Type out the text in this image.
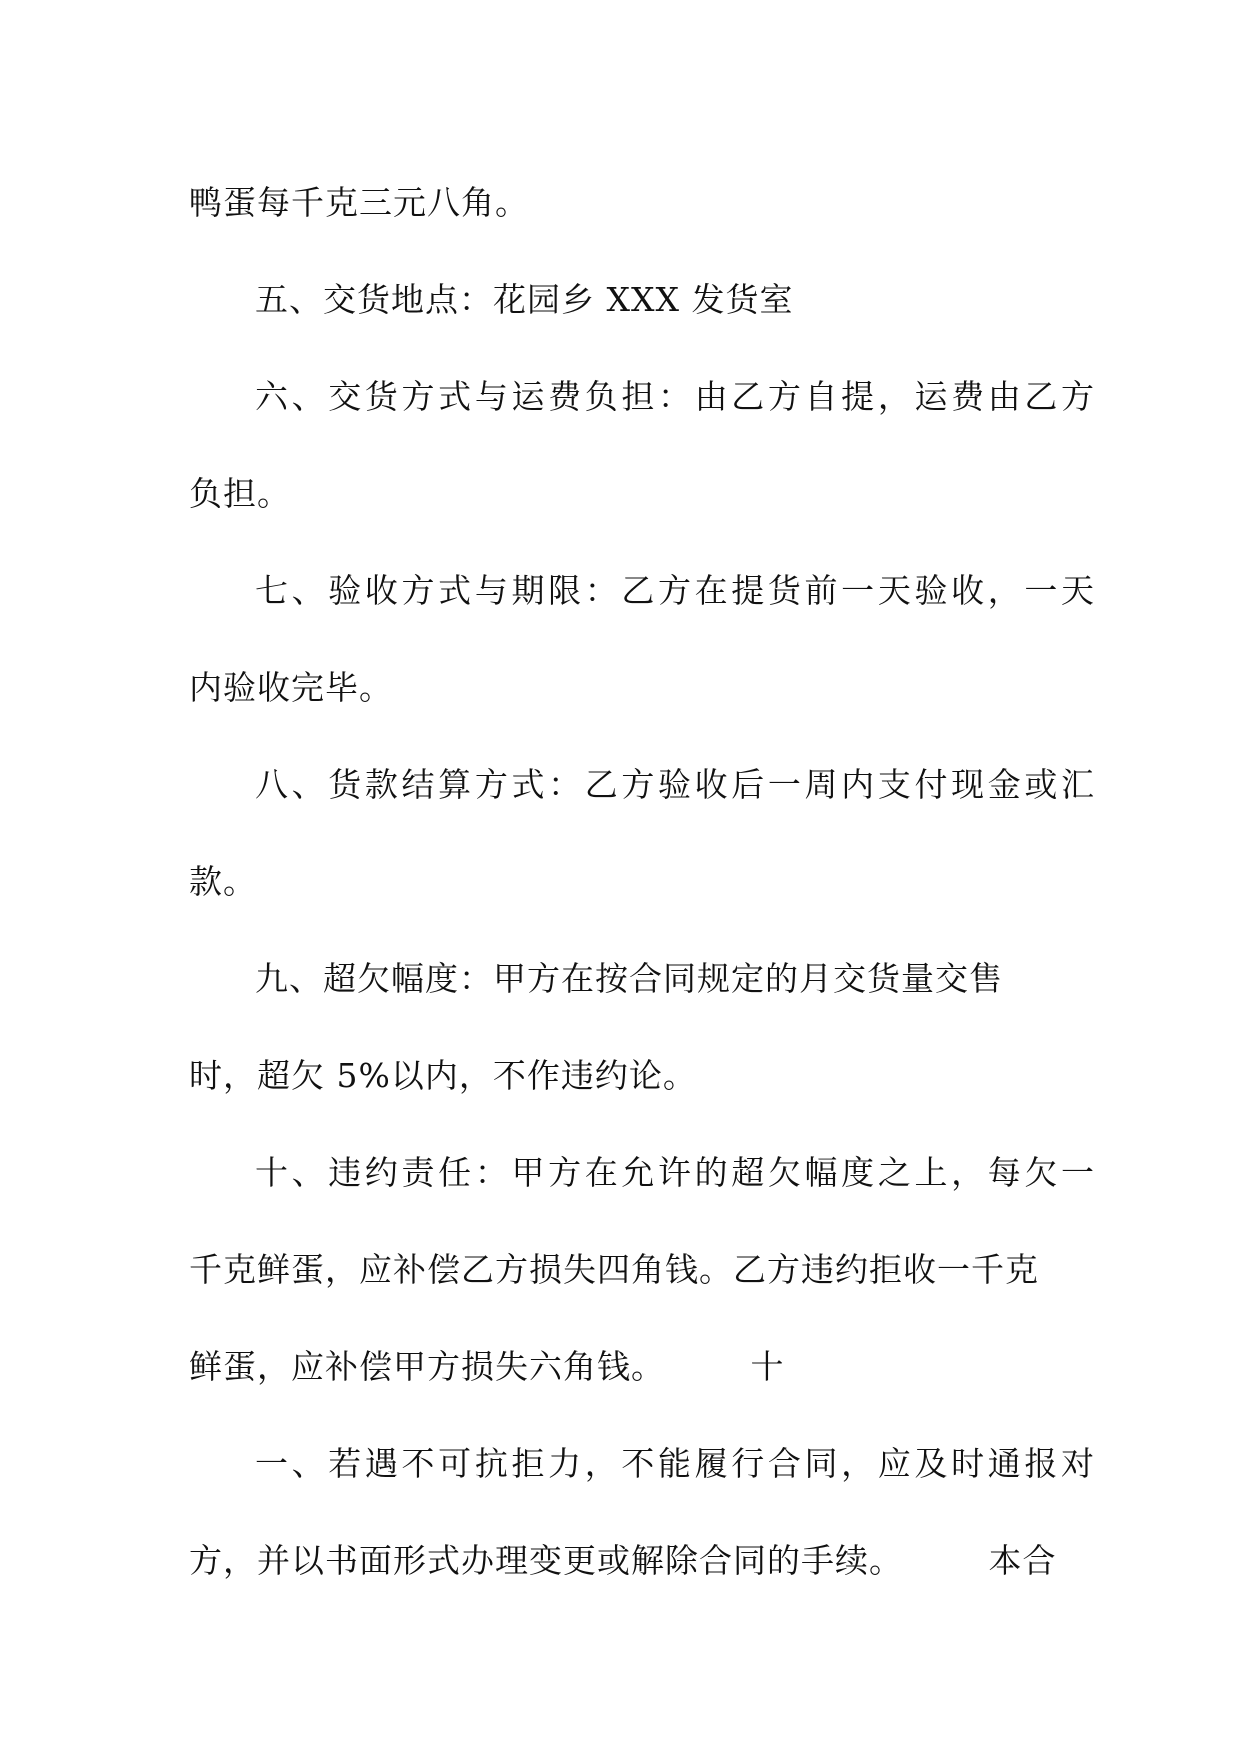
鸭蛋每千克三元八角。
五、交货地点：花园乡 XXX 发货室
六、交货方式与运费负担：由乙方自提，运费由乙方
负担。
七、验收方式与期限：乙方在提货前一天验收，一天
内验收完毕。
八、货款结算方式：乙方验收后一周内支付现金或汇
款。
九、超欠幅度：甲方在按合同规定的月交货量交售
时，超欠 5%以内，不作违约论。
十、违约责任：甲方在允许的超欠幅度之上，每欠一
千克鲜蛋，应补偿乙方损失四角钱。乙方违约拒收一千克
鲜蛋，应补偿甲方损失六角钱。　　　十
一、若遇不可抗拒力，不能履行合同，应及时通报对
方，并以书面形式办理变更或解除合同的手续。　　　本合
